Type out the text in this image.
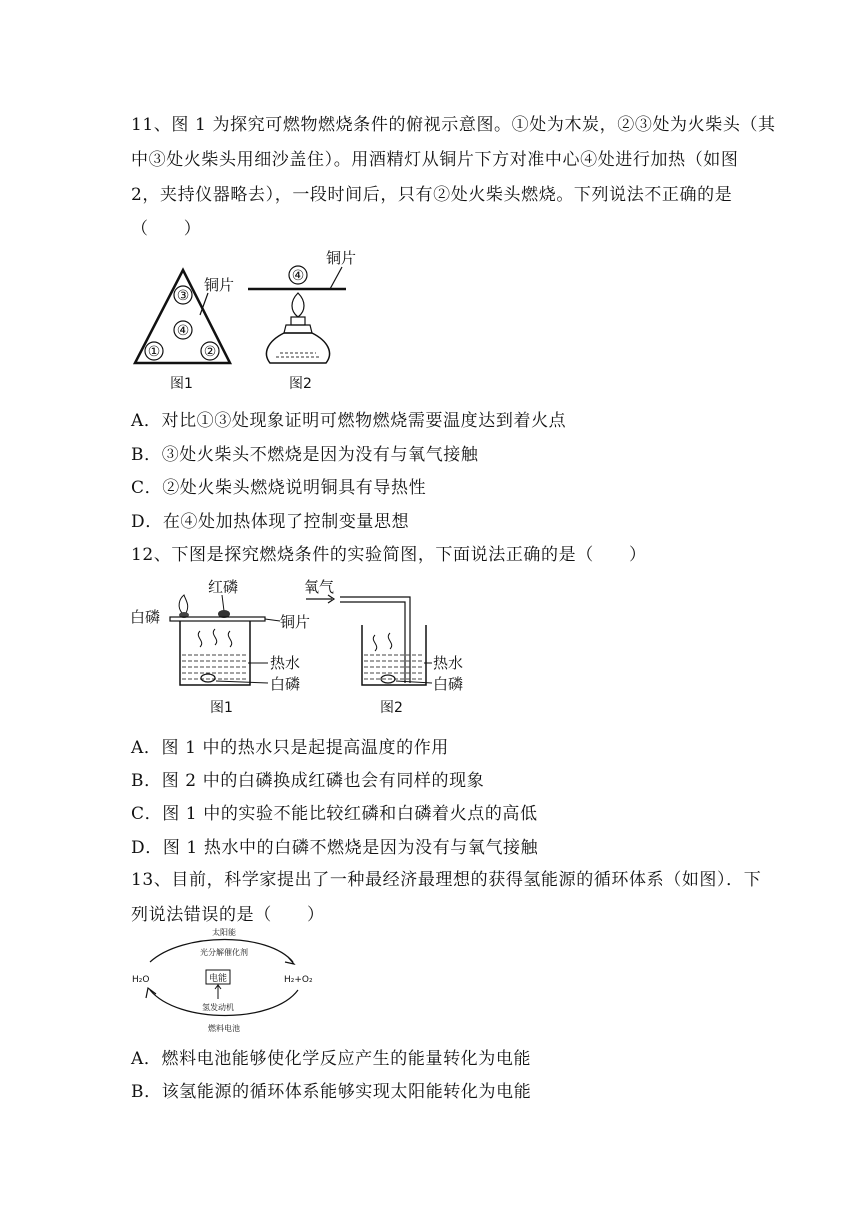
11、图 1 为探究可燃物燃烧条件的俯视示意图。①处为木炭，②③处为火柴头（其
中③处火柴头用细沙盖住）。用酒精灯从铜片下方对准中心④处进行加热（如图
2，夹持仪器略去），一段时间后，只有②处火柴头燃烧。下列说法不正确的是
（　　）
③
④
①	②
铜片
图1
铜片
④
图2
A．对比①③处现象证明可燃物燃烧需要温度达到着火点
B．③处火柴头不燃烧是因为没有与氧气接触
C．②处火柴头燃烧说明铜具有导热性
D．在④处加热体现了控制变量思想
12、下图是探究燃烧条件的实验简图，下面说法正确的是（　　）
红磷
白磷	铜片
热水
白磷
图1
氧气
热水
白磷
图2
A．图 1 中的热水只是起提高温度的作用
B．图 2 中的白磷换成红磷也会有同样的现象
C．图 1 中的实验不能比较红磷和白磷着火点的高低
D．图 1 热水中的白磷不燃烧是因为没有与氧气接触
13、目前，科学家提出了一种最经济最理想的获得氢能源的循环体系（如图）．下
列说法错误的是（　　）
太阳能
光分解催化剂
H₂O	H₂+O₂
电能
氢发动机
燃料电池
A．燃料电池能够使化学反应产生的能量转化为电能
B．该氢能源的循环体系能够实现太阳能转化为电能
